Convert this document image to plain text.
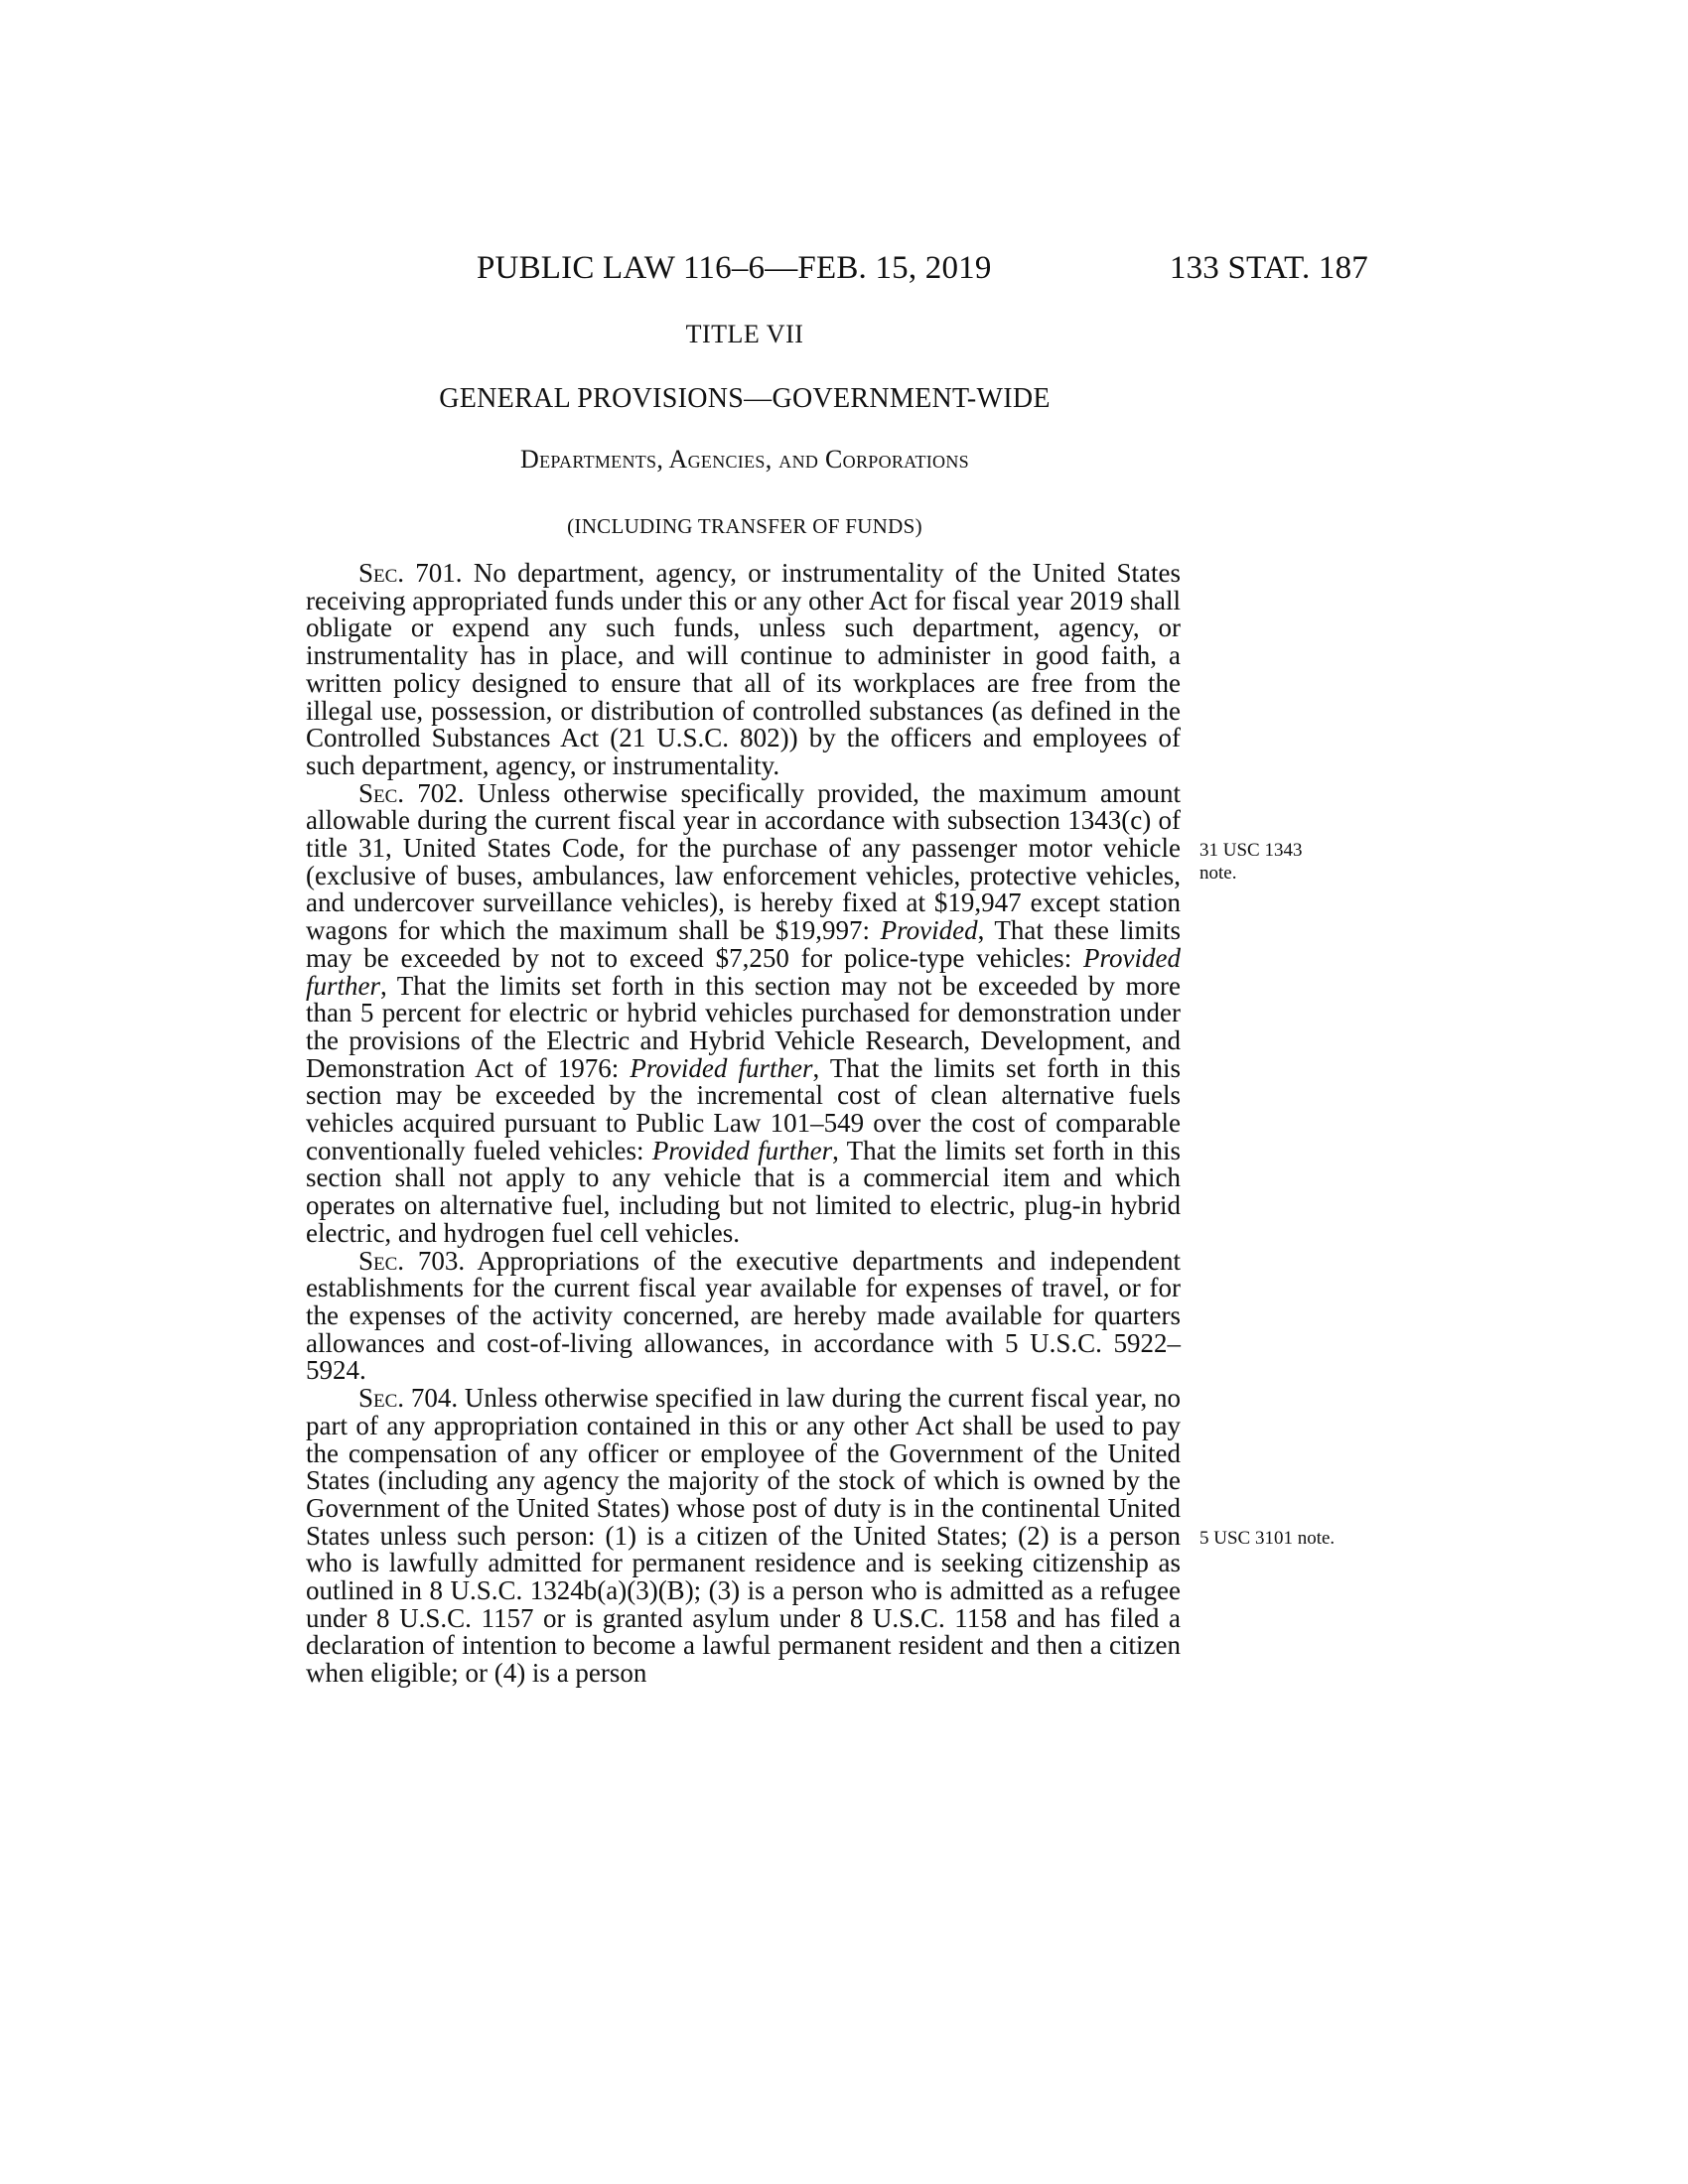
PUBLIC LAW 116–6—FEB. 15, 2019	133 STAT. 187
TITLE VII
GENERAL PROVISIONS—GOVERNMENT-WIDE
Departments, Agencies, and Corporations
(INCLUDING TRANSFER OF FUNDS)

Sec. 701. No department, agency, or instrumentality of the United States receiving appropriated funds under this or any other Act for fiscal year 2019 shall obligate or expend any such funds, unless such department, agency, or instrumentality has in place, and will continue to administer in good faith, a written policy designed to ensure that all of its workplaces are free from the illegal use, possession, or distribution of controlled substances (as defined in the Controlled Substances Act (21 U.S.C. 802)) by the officers and employees of such department, agency, or instrumentality.

Sec. 702. Unless otherwise specifically provided, the maximum amount allowable during the current fiscal year in accordance with subsection 1343(c) of title 31, United States Code, for the purchase of any passenger motor vehicle (exclusive of buses, ambulances, law enforcement vehicles, protective vehicles, and undercover surveillance vehicles), is hereby fixed at $19,947 except station wagons for which the maximum shall be $19,997: Provided, That these limits may be exceeded by not to exceed $7,250 for police-type vehicles: Provided further, That the limits set forth in this section may not be exceeded by more than 5 percent for electric or hybrid vehicles purchased for demonstration under the provisions of the Electric and Hybrid Vehicle Research, Development, and Demonstration Act of 1976: Provided further, That the limits set forth in this section may be exceeded by the incremental cost of clean alternative fuels vehicles acquired pursuant to Public Law 101–549 over the cost of comparable conventionally fueled vehicles: Provided further, That the limits set forth in this section shall not apply to any vehicle that is a commercial item and which operates on alternative fuel, including but not limited to electric, plug-in hybrid electric, and hydrogen fuel cell vehicles.

Sec. 703. Appropriations of the executive departments and independent establishments for the current fiscal year available for expenses of travel, or for the expenses of the activity concerned, are hereby made available for quarters allowances and cost-of-living allowances, in accordance with 5 U.S.C. 5922–5924.

Sec. 704. Unless otherwise specified in law during the current fiscal year, no part of any appropriation contained in this or any other Act shall be used to pay the compensation of any officer or employee of the Government of the United States (including any agency the majority of the stock of which is owned by the Government of the United States) whose post of duty is in the continental United States unless such person: (1) is a citizen of the United States; (2) is a person who is lawfully admitted for permanent residence and is seeking citizenship as outlined in 8 U.S.C. 1324b(a)(3)(B); (3) is a person who is admitted as a refugee under 8 U.S.C. 1157 or is granted asylum under 8 U.S.C. 1158 and has filed a declaration of intention to become a lawful permanent resident and then a citizen when eligible; or (4) is a person

31 USC 1343
note.
5 USC 3101 note.
